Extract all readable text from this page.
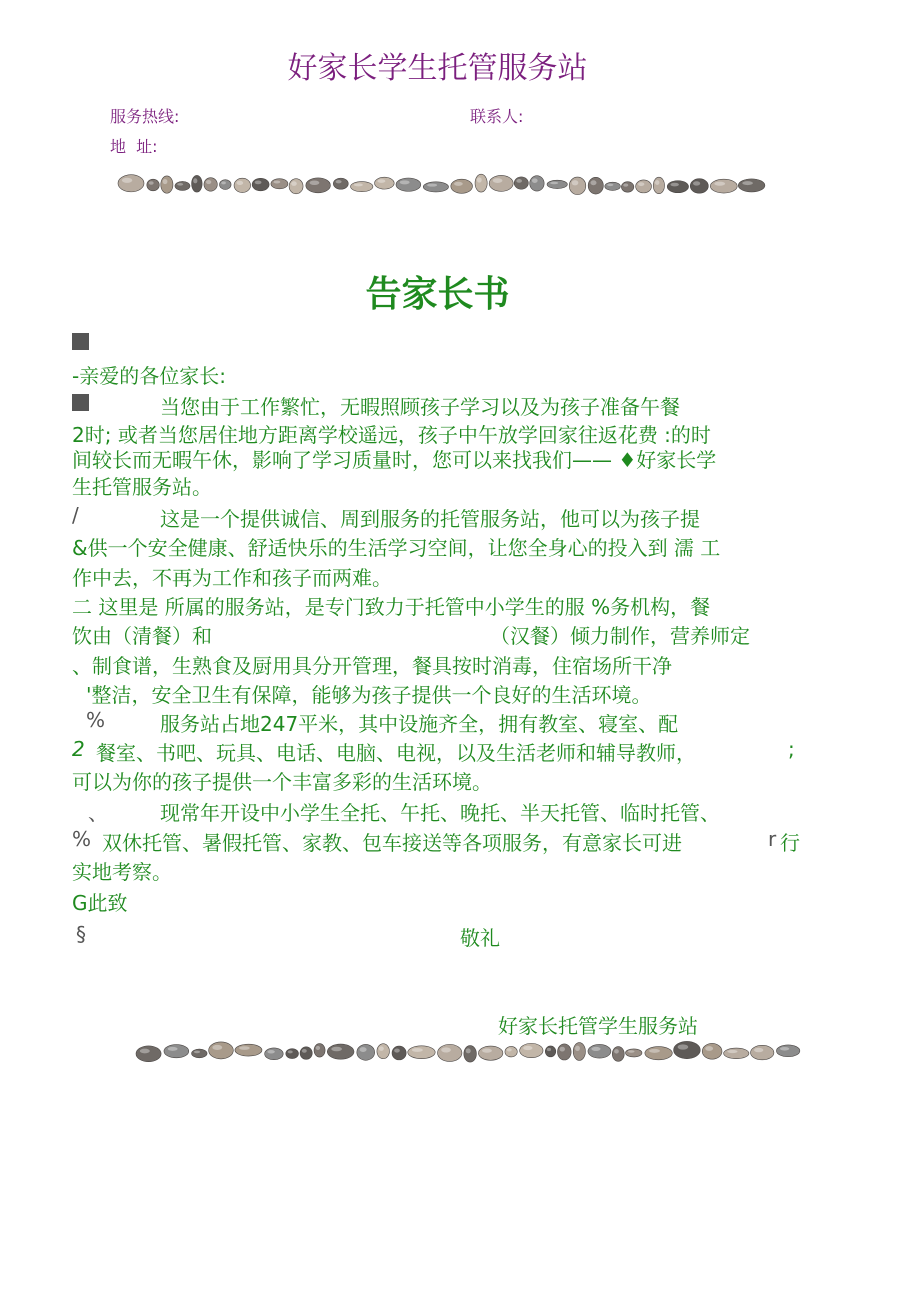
好家长学生托管服务站
服务热线:	联系人:
地  址:
告家长书
-亲爱的各位家长:
当您由于工作繁忙，无暇照顾孩子学习以及为孩子准备午餐
2时; 或者当您居住地方距离学校遥远，孩子中午放学回家往返花费 :的时
间较长而无暇午休，影响了学习质量时，您可以来找我们—— ♦好家长学
生托管服务站。
/	这是一个提供诚信、周到服务的托管服务站，他可以为孩子提
&供一个安全健康、舒适快乐的生活学习空间，让您全身心的投入到 濡 工
作中去，不再为工作和孩子而两难。
二 这里是 所属的服务站，是专门致力于托管中小学生的服 %务机构，餐
饮由（清餐）和	（汉餐）倾力制作，营养师定
、制食谱，生熟食及厨用具分开管理，餐具按时消毒，住宿场所干净
'整洁，安全卫生有保障，能够为孩子提供一个良好的生活环境。
%	服务站占地247平米，其中设施齐全，拥有教室、寝室、配
2 餐室、书吧、玩具、电话、电脑、电视，以及生活老师和辅导教师，	;
可以为你的孩子提供一个丰富多彩的生活环境。
、	现常年开设中小学生全托、午托、晚托、半天托管、临时托管、
% 双休托管、暑假托管、家教、包车接送等各项服务，有意家长可进	r 行
实地考察。
G此致
§	敬礼
好家长托管学生服务站
